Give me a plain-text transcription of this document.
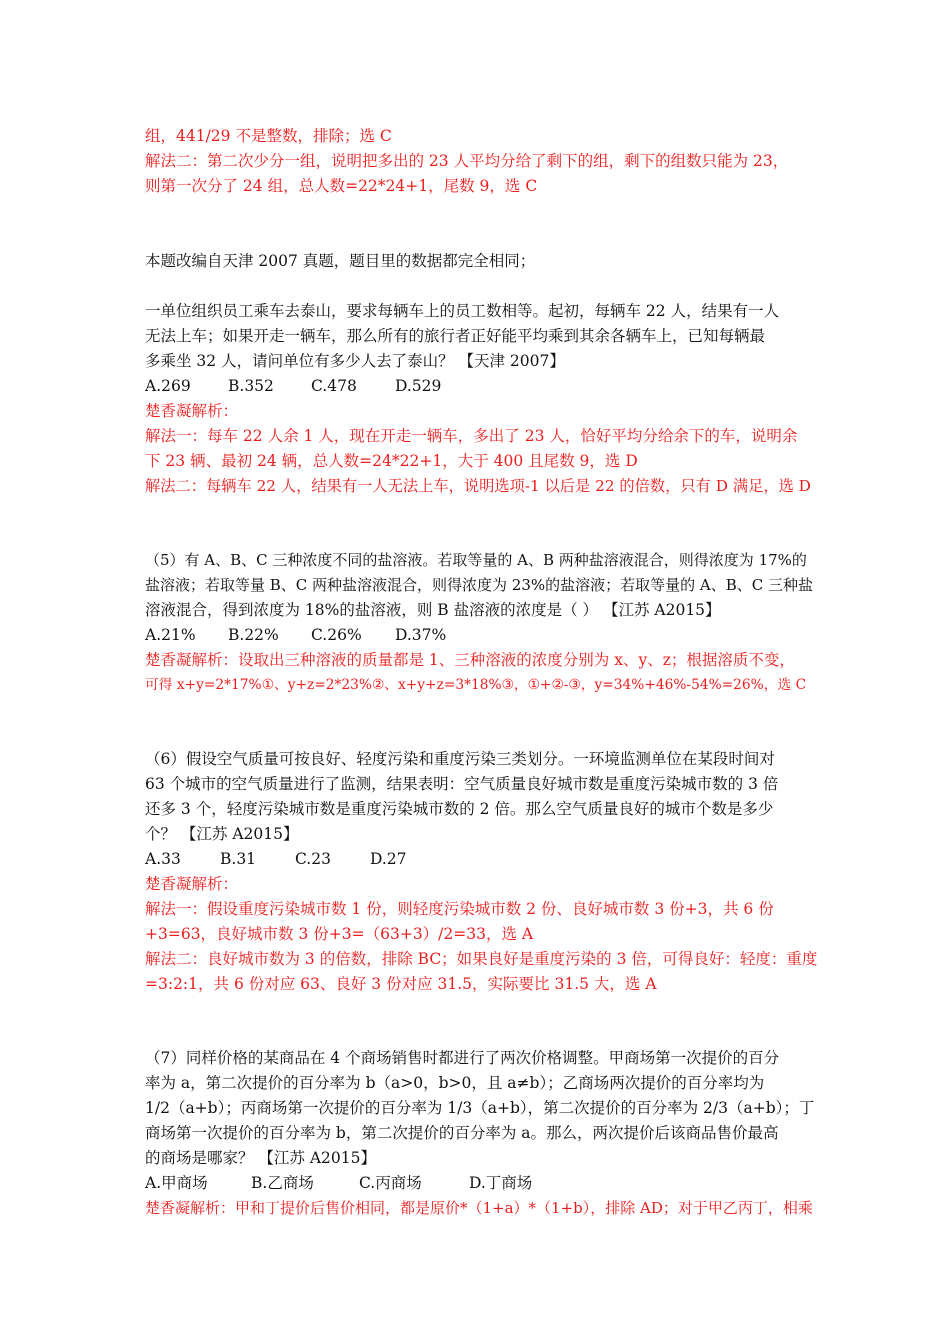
组，441/29 不是整数，排除；选 C
解法二：第二次少分一组，说明把多出的 23 人平均分给了剩下的组，剩下的组数只能为 23，
则第一次分了 24 组，总人数=22*24+1，尾数 9，选 C
本题改编自天津 2007 真题，题目里的数据都完全相同；
一单位组织员工乘车去泰山，要求每辆车上的员工数相等。起初，每辆车 22 人，结果有一人
无法上车；如果开走一辆车，那么所有的旅行者正好能平均乘到其余各辆车上，已知每辆最
多乘坐 32 人，请问单位有多少人去了泰山？ 【天津 2007】
A.269 B.352 C.478 D.529
楚香凝解析：
解法一：每车 22 人余 1 人，现在开走一辆车，多出了 23 人，恰好平均分给余下的车，说明余
下 23 辆、最初 24 辆，总人数=24*22+1，大于 400 且尾数 9，选 D
解法二：每辆车 22 人，结果有一人无法上车，说明选项-1 以后是 22 的倍数，只有 D 满足，选 D
（5）有 A、B、C 三种浓度不同的盐溶液。若取等量的 A、B 两种盐溶液混合，则得浓度为 17%的
盐溶液；若取等量 B、C 两种盐溶液混合，则得浓度为 23%的盐溶液；若取等量的 A、B、C 三种盐
溶液混合，得到浓度为 18%的盐溶液，则 B 盐溶液的浓度是（ ） 【江苏 A2015】
A.21% B.22% C.26% D.37%
楚香凝解析：设取出三种溶液的质量都是 1、三种溶液的浓度分别为 x、y、z；根据溶质不变，
可得 x+y=2*17%①、y+z=2*23%②、x+y+z=3*18%③，①+②-③，y=34%+46%-54%=26%，选 C
（6）假设空气质量可按良好、轻度污染和重度污染三类划分。一环境监测单位在某段时间对
63 个城市的空气质量进行了监测，结果表明：空气质量良好城市数是重度污染城市数的 3 倍
还多 3 个，轻度污染城市数是重度污染城市数的 2 倍。那么空气质量良好的城市个数是多少
个？ 【江苏 A2015】
A.33	B.31	C.23	D.27
楚香凝解析：
解法一：假设重度污染城市数 1 份，则轻度污染城市数 2 份、良好城市数 3 份+3，共 6 份
+3=63，良好城市数 3 份+3=（63+3）/2=33，选 A
解法二：良好城市数为 3 的倍数，排除 BC；如果良好是重度污染的 3 倍，可得良好：轻度：重度
=3:2:1，共 6 份对应 63、良好 3 份对应 31.5，实际要比 31.5 大，选 A
（7）同样价格的某商品在 4 个商场销售时都进行了两次价格调整。甲商场第一次提价的百分
率为 a，第二次提价的百分率为 b（a>0，b>0，且 a≠b）；乙商场两次提价的百分率均为
1/2（a+b）；丙商场第一次提价的百分率为 1/3（a+b），第二次提价的百分率为 2/3（a+b）；丁
商场第一次提价的百分率为 b，第二次提价的百分率为 a。那么，两次提价后该商品售价最高
的商场是哪家？ 【江苏 A2015】
A.甲商场	B.乙商场	C.丙商场	D.丁商场
楚香凝解析：甲和丁提价后售价相同，都是原价*（1+a）*（1+b），排除 AD；对于甲乙丙丁，相乘
